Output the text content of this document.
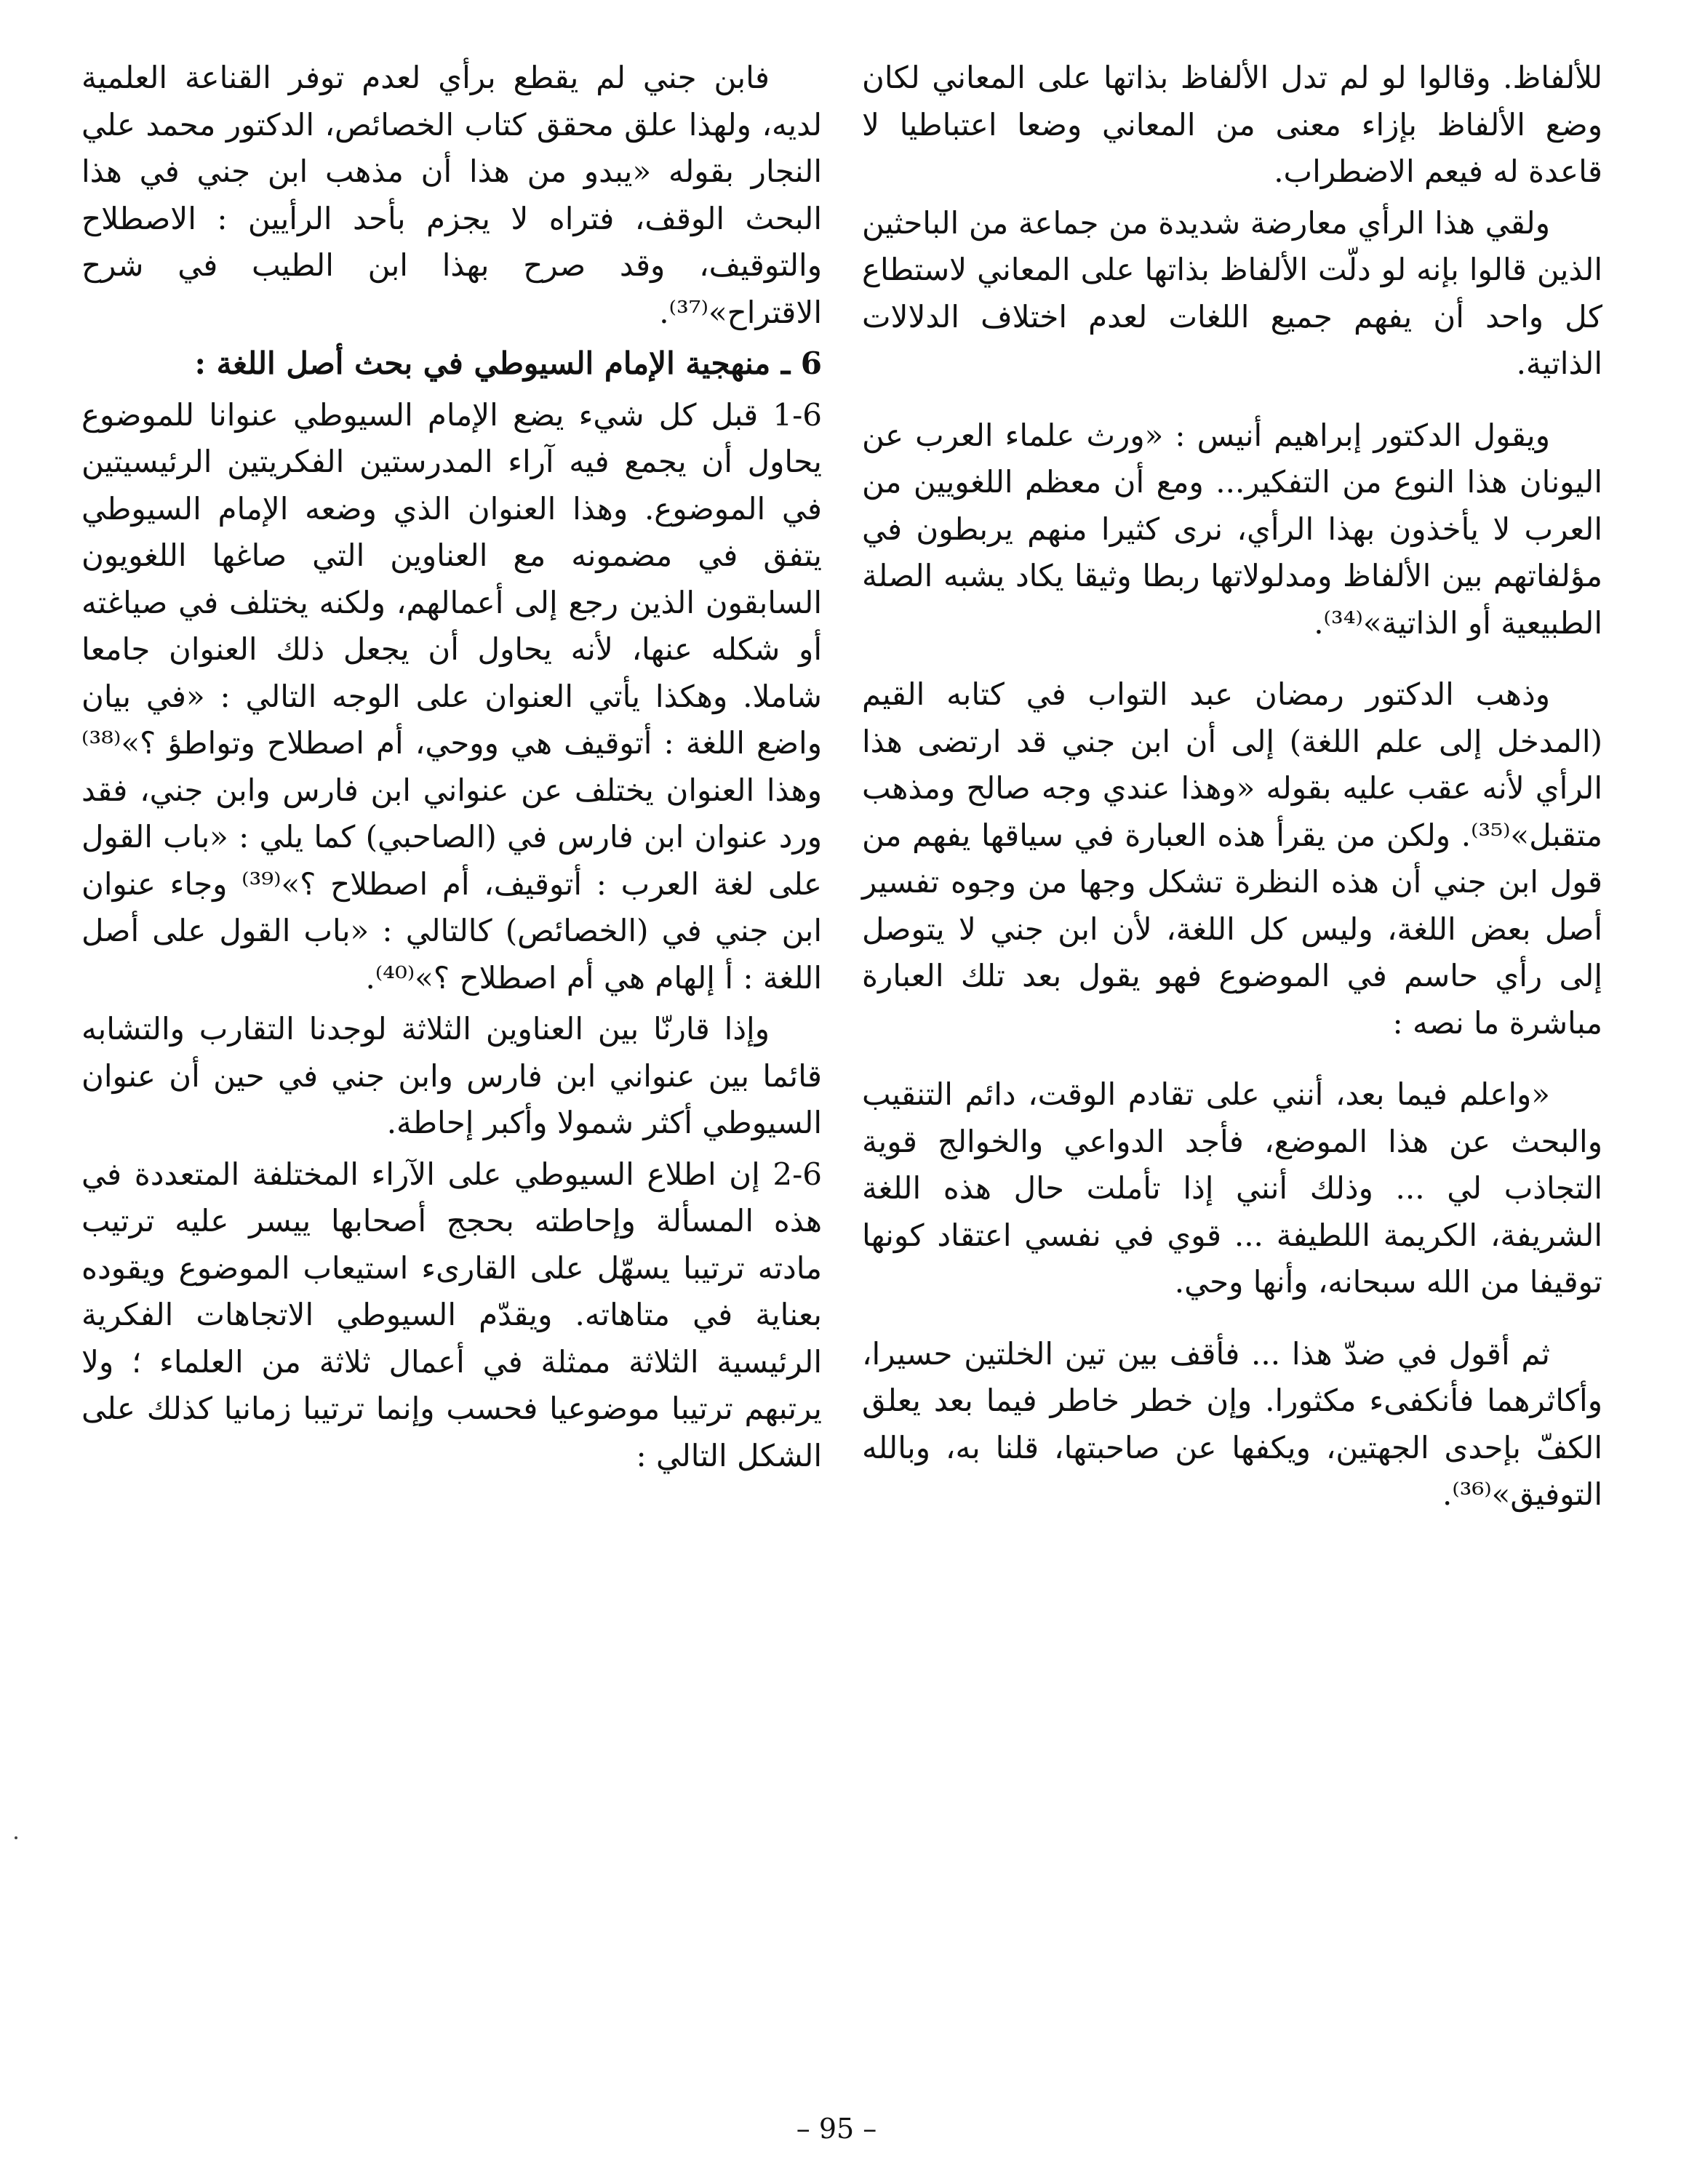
للألفاظ. وقالوا لو لم تدل الألفاظ بذاتها على المعاني لكان وضع الألفاظ بإزاء معنى من المعاني وضعا اعتباطيا لا قاعدة له فيعم الاضطراب.

ولقي هذا الرأي معارضة شديدة من جماعة من الباحثين الذين قالوا بإنه لو دلّت الألفاظ بذاتها على المعاني لاستطاع كل واحد أن يفهم جميع اللغات لعدم اختلاف الدلالات الذاتية.

ويقول الدكتور إبراهيم أنيس : «ورث علماء العرب عن اليونان هذا النوع من التفكير... ومع أن معظم اللغويين من العرب لا يأخذون بهذا الرأي، نرى كثيرا منهم يربطون في مؤلفاتهم بين الألفاظ ومدلولاتها ربطا وثيقا يكاد يشبه الصلة الطبيعية أو الذاتية»⁽³⁴⁾.

وذهب الدكتور رمضان عبد التواب في كتابه القيم (المدخل إلى علم اللغة) إلى أن ابن جني قد ارتضى هذا الرأي لأنه عقب عليه بقوله «وهذا عندي وجه صالح ومذهب متقبل»⁽³⁵⁾. ولكن من يقرأ هذه العبارة في سياقها يفهم من قول ابن جني أن هذه النظرة تشكل وجها من وجوه تفسير أصل بعض اللغة، وليس كل اللغة، لأن ابن جني لا يتوصل إلى رأي حاسم في الموضوع فهو يقول بعد تلك العبارة مباشرة ما نصه :

«واعلم فيما بعد، أنني على تقادم الوقت، دائم التنقيب والبحث عن هذا الموضع، فأجد الدواعي والخوالج قوية التجاذب لي ... وذلك أنني إذا تأملت حال هذه اللغة الشريفة، الكريمة اللطيفة ... قوي في نفسي اعتقاد كونها توقيفا من الله سبحانه، وأنها وحي.

ثم أقول في ضدّ هذا ... فأقف بين تين الخلتين حسيرا، وأكاثرهما فأنكفىء مكثورا. وإن خطر خاطر فيما بعد يعلق الكفّ بإحدى الجهتين، ويكفها عن صاحبتها، قلنا به، وبالله التوفيق»⁽³⁶⁾.

فابن جني لم يقطع برأي لعدم توفر القناعة العلمية لديه، ولهذا علق محقق كتاب الخصائص، الدكتور محمد علي النجار بقوله «يبدو من هذا أن مذهب ابن جني في هذا البحث الوقف، فتراه لا يجزم بأحد الرأيين : الاصطلاح والتوقيف، وقد صرح بهذا ابن الطيب في شرح الاقتراح»⁽³⁷⁾.

6 ـ منهجية الإمام السيوطي في بحث أصل اللغة :

1-6 قبل كل شيء يضع الإمام السيوطي عنوانا للموضوع يحاول أن يجمع فيه آراء المدرستين الفكريتين الرئيسيتين في الموضوع. وهذا العنوان الذي وضعه الإمام السيوطي يتفق في مضمونه مع العناوين التي صاغها اللغويون السابقون الذين رجع إلى أعمالهم، ولكنه يختلف في صياغته أو شكله عنها، لأنه يحاول أن يجعل ذلك العنوان جامعا شاملا. وهكذا يأتي العنوان على الوجه التالي : «في بيان واضع اللغة : أتوقيف هي ووحي، أم اصطلاح وتواطؤ ؟»⁽³⁸⁾ وهذا العنوان يختلف عن عنواني ابن فارس وابن جني، فقد ورد عنوان ابن فارس في (الصاحبي) كما يلي : «باب القول على لغة العرب : أتوقيف، أم اصطلاح ؟»⁽³⁹⁾ وجاء عنوان ابن جني في (الخصائص) كالتالي : «باب القول على أصل اللغة : أ إلهام هي أم اصطلاح ؟»⁽⁴⁰⁾.

وإذا قارنّا بين العناوين الثلاثة لوجدنا التقارب والتشابه قائما بين عنواني ابن فارس وابن جني في حين أن عنوان السيوطي أكثر شمولا وأكبر إحاطة.

2-6 إن اطلاع السيوطي على الآراء المختلفة المتعددة في هذه المسألة وإحاطته بحجج أصحابها ييسر عليه ترتيب مادته ترتيبا يسهّل على القارىء استيعاب الموضوع ويقوده بعناية في متاهاته. ويقدّم السيوطي الاتجاهات الفكرية الرئيسية الثلاثة ممثلة في أعمال ثلاثة من العلماء ؛ ولا يرتبهم ترتيبا موضوعيا فحسب وإنما ترتيبا زمانيا كذلك على الشكل التالي :

– 95 –
